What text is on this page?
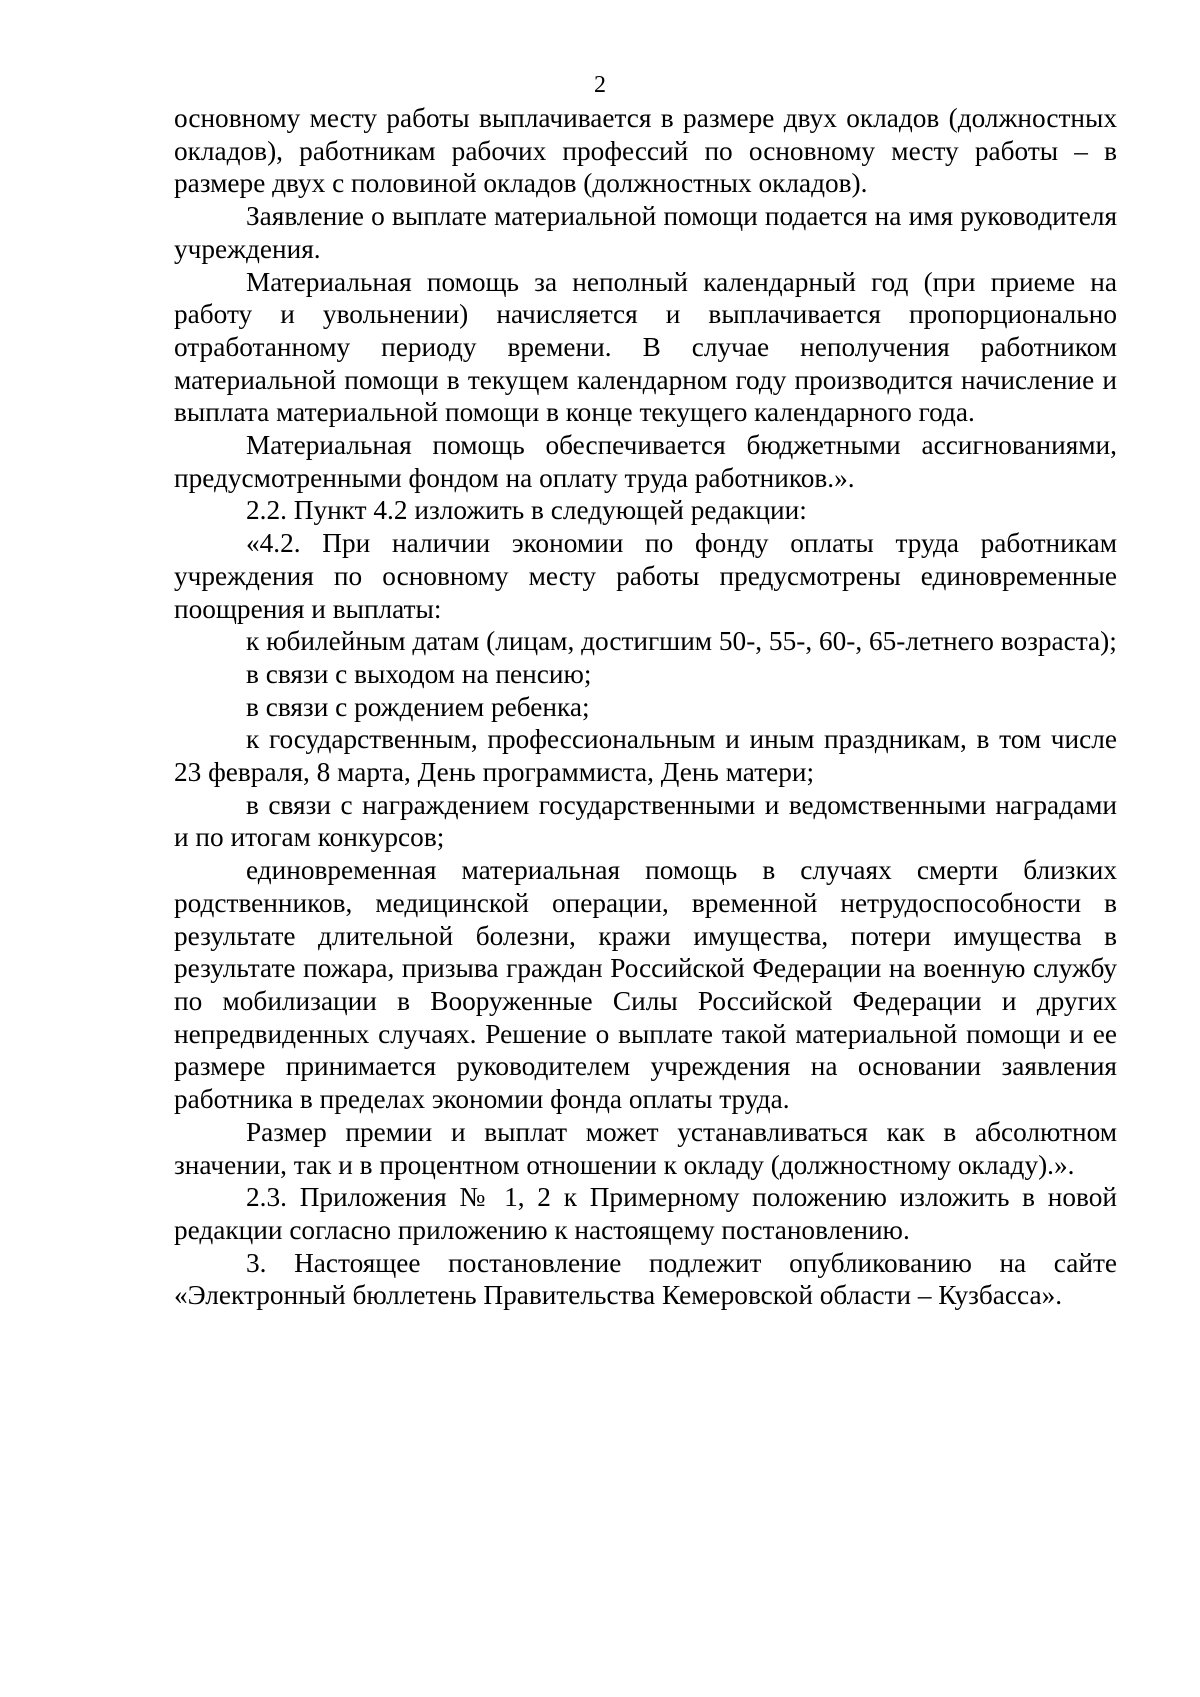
2

основному месту работы выплачивается в размере двух окладов (должностных окладов), работникам рабочих профессий по основному месту работы – в размере двух с половиной окладов (должностных окладов).

Заявление о выплате материальной помощи подается на имя руководителя учреждения.

Материальная помощь за неполный календарный год (при приеме на работу и увольнении) начисляется и выплачивается пропорционально отработанному периоду времени. В случае неполучения работником материальной помощи в текущем календарном году производится начисление и выплата материальной помощи в конце текущего календарного года.

Материальная помощь обеспечивается бюджетными ассигнованиями, предусмотренными фондом на оплату труда работников.».

2.2. Пункт 4.2 изложить в следующей редакции:

«4.2. При наличии экономии по фонду оплаты труда работникам учреждения по основному месту работы предусмотрены единовременные поощрения и выплаты:

к юбилейным датам (лицам, достигшим 50-, 55-, 60-, 65-летнего возраста);

в связи с выходом на пенсию;

в связи с рождением ребенка;

к государственным, профессиональным и иным праздникам, в том числе 23 февраля, 8 марта, День программиста, День матери;

в связи с награждением государственными и ведомственными наградами и по итогам конкурсов;

единовременная материальная помощь в случаях смерти близких родственников, медицинской операции, временной нетрудоспособности в результате длительной болезни, кражи имущества, потери имущества в результате пожара, призыва граждан Российской Федерации на военную службу по мобилизации в Вооруженные Силы Российской Федерации и других непредвиденных случаях. Решение о выплате такой материальной помощи и ее размере принимается руководителем учреждения на основании заявления работника в пределах экономии фонда оплаты труда.

Размер премии и выплат может устанавливаться как в абсолютном значении, так и в процентном отношении к окладу (должностному окладу).».

2.3. Приложения № 1, 2 к Примерному положению изложить в новой редакции согласно приложению к настоящему постановлению.

3. Настоящее постановление подлежит опубликованию на сайте «Электронный бюллетень Правительства Кемеровской области – Кузбасса».
